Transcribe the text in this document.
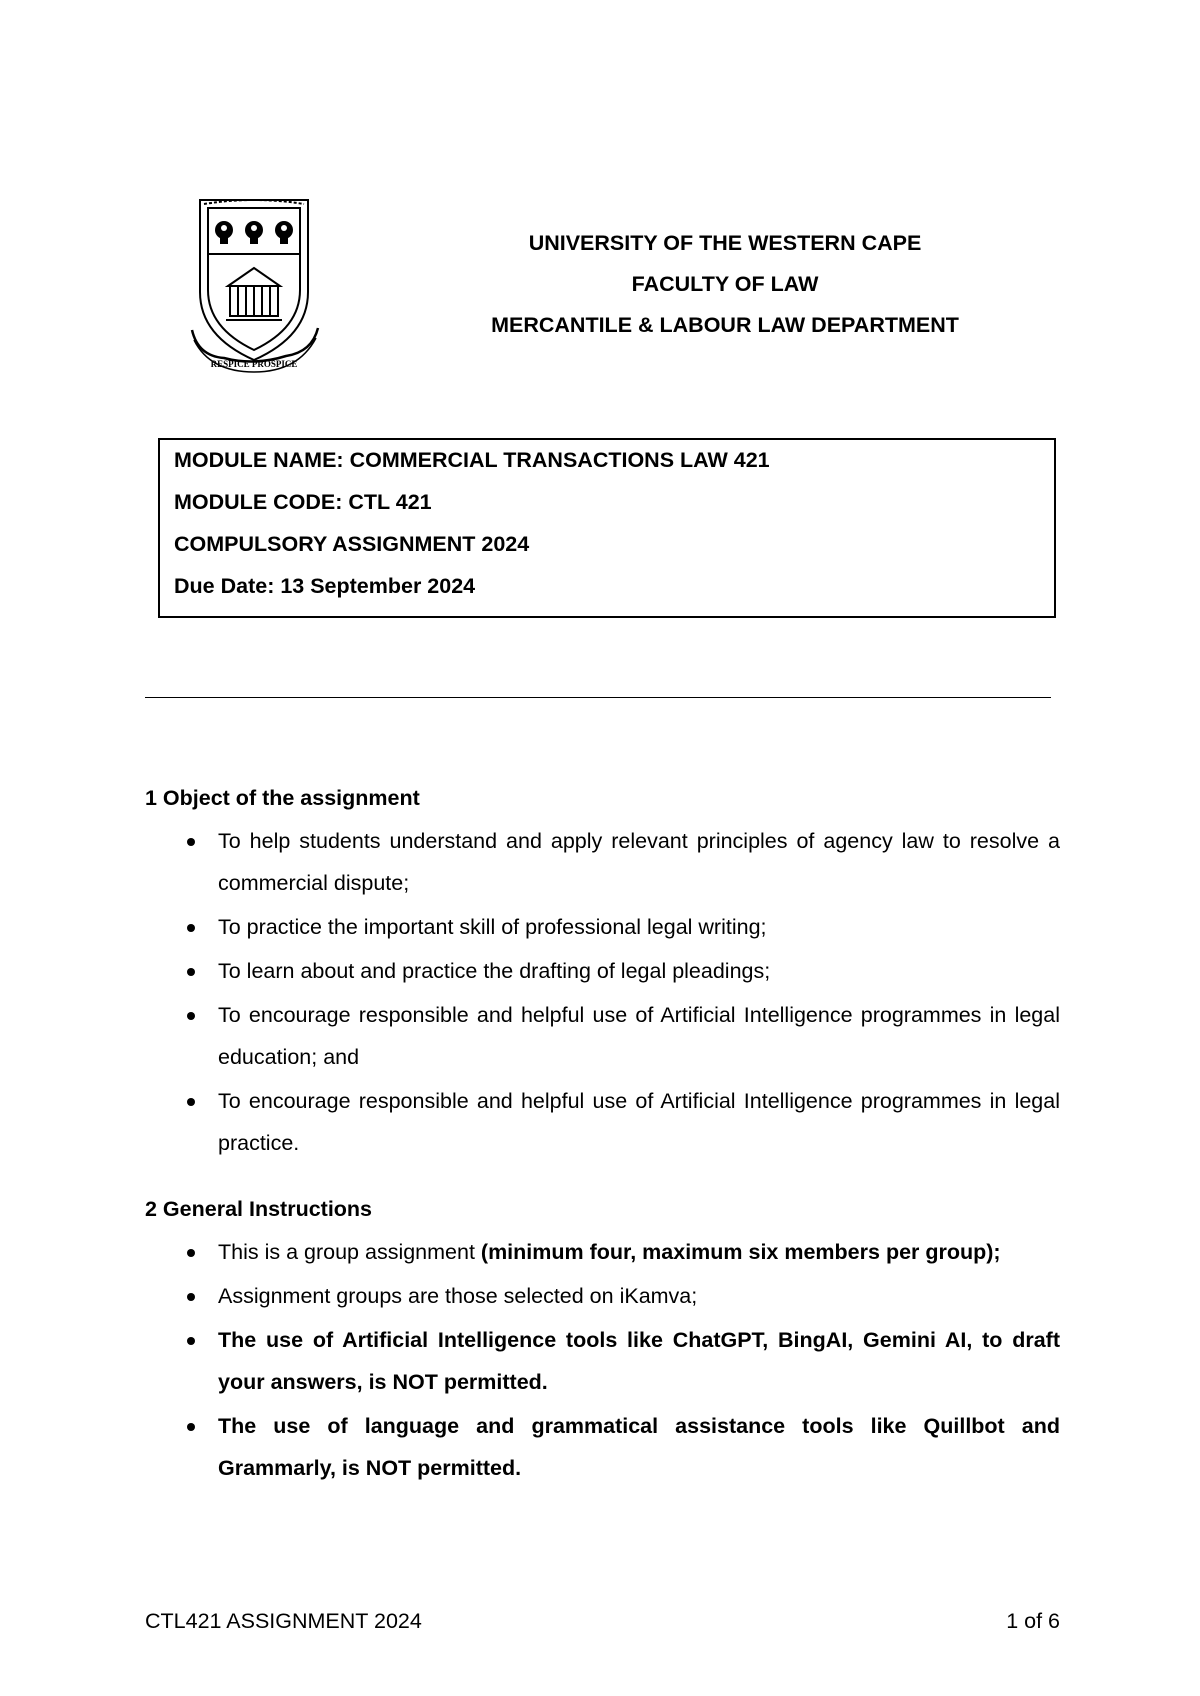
RESPICE PROSPICE
UNIVERSITY OF THE WESTERN CAPE
FACULTY OF LAW
MERCANTILE & LABOUR LAW DEPARTMENT
MODULE NAME: COMMERCIAL TRANSACTIONS LAW 421
MODULE CODE: CTL 421
COMPULSORY ASSIGNMENT 2024
Due Date: 13 September 2024
1 Object of the assignment
To help students understand and apply relevant principles of agency law to resolve a commercial dispute;
To practice the important skill of professional legal writing;
To learn about and practice the drafting of legal pleadings;
To encourage responsible and helpful use of Artificial Intelligence programmes in legal education; and
To encourage responsible and helpful use of Artificial Intelligence programmes in legal practice.
2 General Instructions
This is a group assignment (minimum four, maximum six members per group);
Assignment groups are those selected on iKamva;
The use of Artificial Intelligence tools like ChatGPT, BingAI, Gemini AI, to draft your answers, is NOT permitted.
The use of language and grammatical assistance tools like Quillbot and Grammarly, is NOT permitted.
CTL421 ASSIGNMENT 2024	1 of 6
